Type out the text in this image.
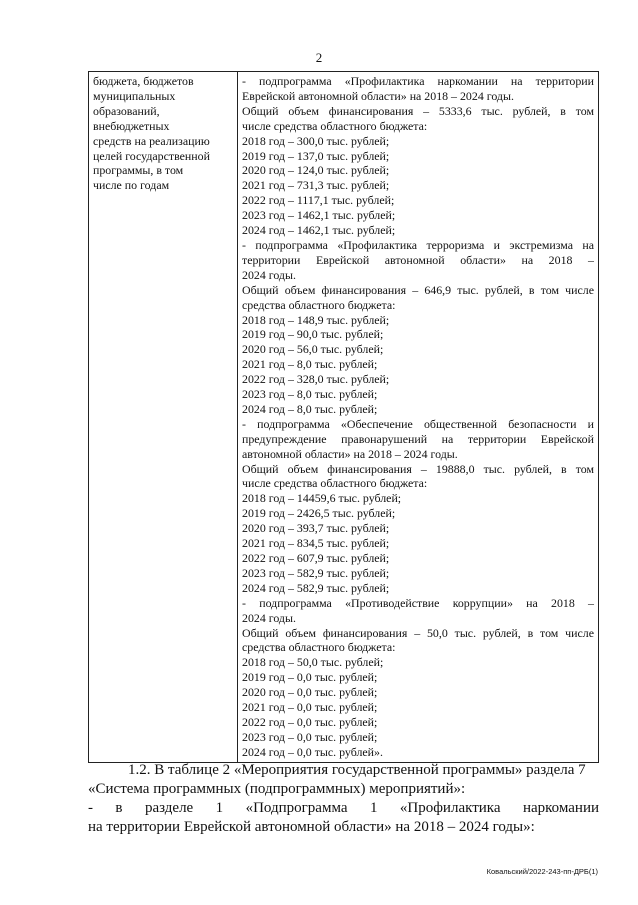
2
бюджета, бюджетов
муниципальных
образований,
внебюджетных
средств на реализацию
целей государственной
программы, в том
числе по годам

- подпрограмма «Профилактика наркомании на территории
Еврейской автономной области» на 2018 – 2024 годы.
Общий объем финансирования – 5333,6 тыс. рублей, в том
числе средства областного бюджета:
2018 год – 300,0 тыс. рублей;
2019 год – 137,0 тыс. рублей;
2020 год – 124,0 тыс. рублей;
2021 год – 731,3 тыс. рублей;
2022 год – 1117,1 тыс. рублей;
2023 год – 1462,1 тыс. рублей;
2024 год – 1462,1 тыс. рублей;
- подпрограмма «Профилактика терроризма и экстремизма на
территории Еврейской автономной области» на 2018 –
2024 годы.
Общий объем финансирования – 646,9 тыс. рублей, в том числе
средства областного бюджета:
2018 год – 148,9 тыс. рублей;
2019 год – 90,0 тыс. рублей;
2020 год – 56,0 тыс. рублей;
2021 год – 8,0 тыс. рублей;
2022 год – 328,0 тыс. рублей;
2023 год – 8,0 тыс. рублей;
2024 год – 8,0 тыс. рублей;
- подпрограмма «Обеспечение общественной безопасности и
предупреждение правонарушений на территории Еврейской
автономной области» на 2018 – 2024 годы.
Общий объем финансирования – 19888,0 тыс. рублей, в том
числе средства областного бюджета:
2018 год – 14459,6 тыс. рублей;
2019 год – 2426,5 тыс. рублей;
2020 год – 393,7 тыс. рублей;
2021 год – 834,5 тыс. рублей;
2022 год – 607,9 тыс. рублей;
2023 год – 582,9 тыс. рублей;
2024 год – 582,9 тыс. рублей;
- подпрограмма «Противодействие коррупции» на 2018 –
2024 годы.
Общий объем финансирования – 50,0 тыс. рублей, в том числе
средства областного бюджета:
2018 год – 50,0 тыс. рублей;
2019 год – 0,0 тыс. рублей;
2020 год – 0,0 тыс. рублей;
2021 год – 0,0 тыс. рублей;
2022 год – 0,0 тыс. рублей;
2023 год – 0,0 тыс. рублей;
2024 год – 0,0 тыс. рублей».
1.2. В таблице 2 «Мероприятия государственной программы» раздела 7 «Система программных (подпрограммных) мероприятий»:
- в разделе 1 «Подпрограмма 1 «Профилактика наркомании
на территории Еврейской автономной области» на 2018 – 2024 годы»:
Ковальский/2022-243-пп-ДРБ(1)
